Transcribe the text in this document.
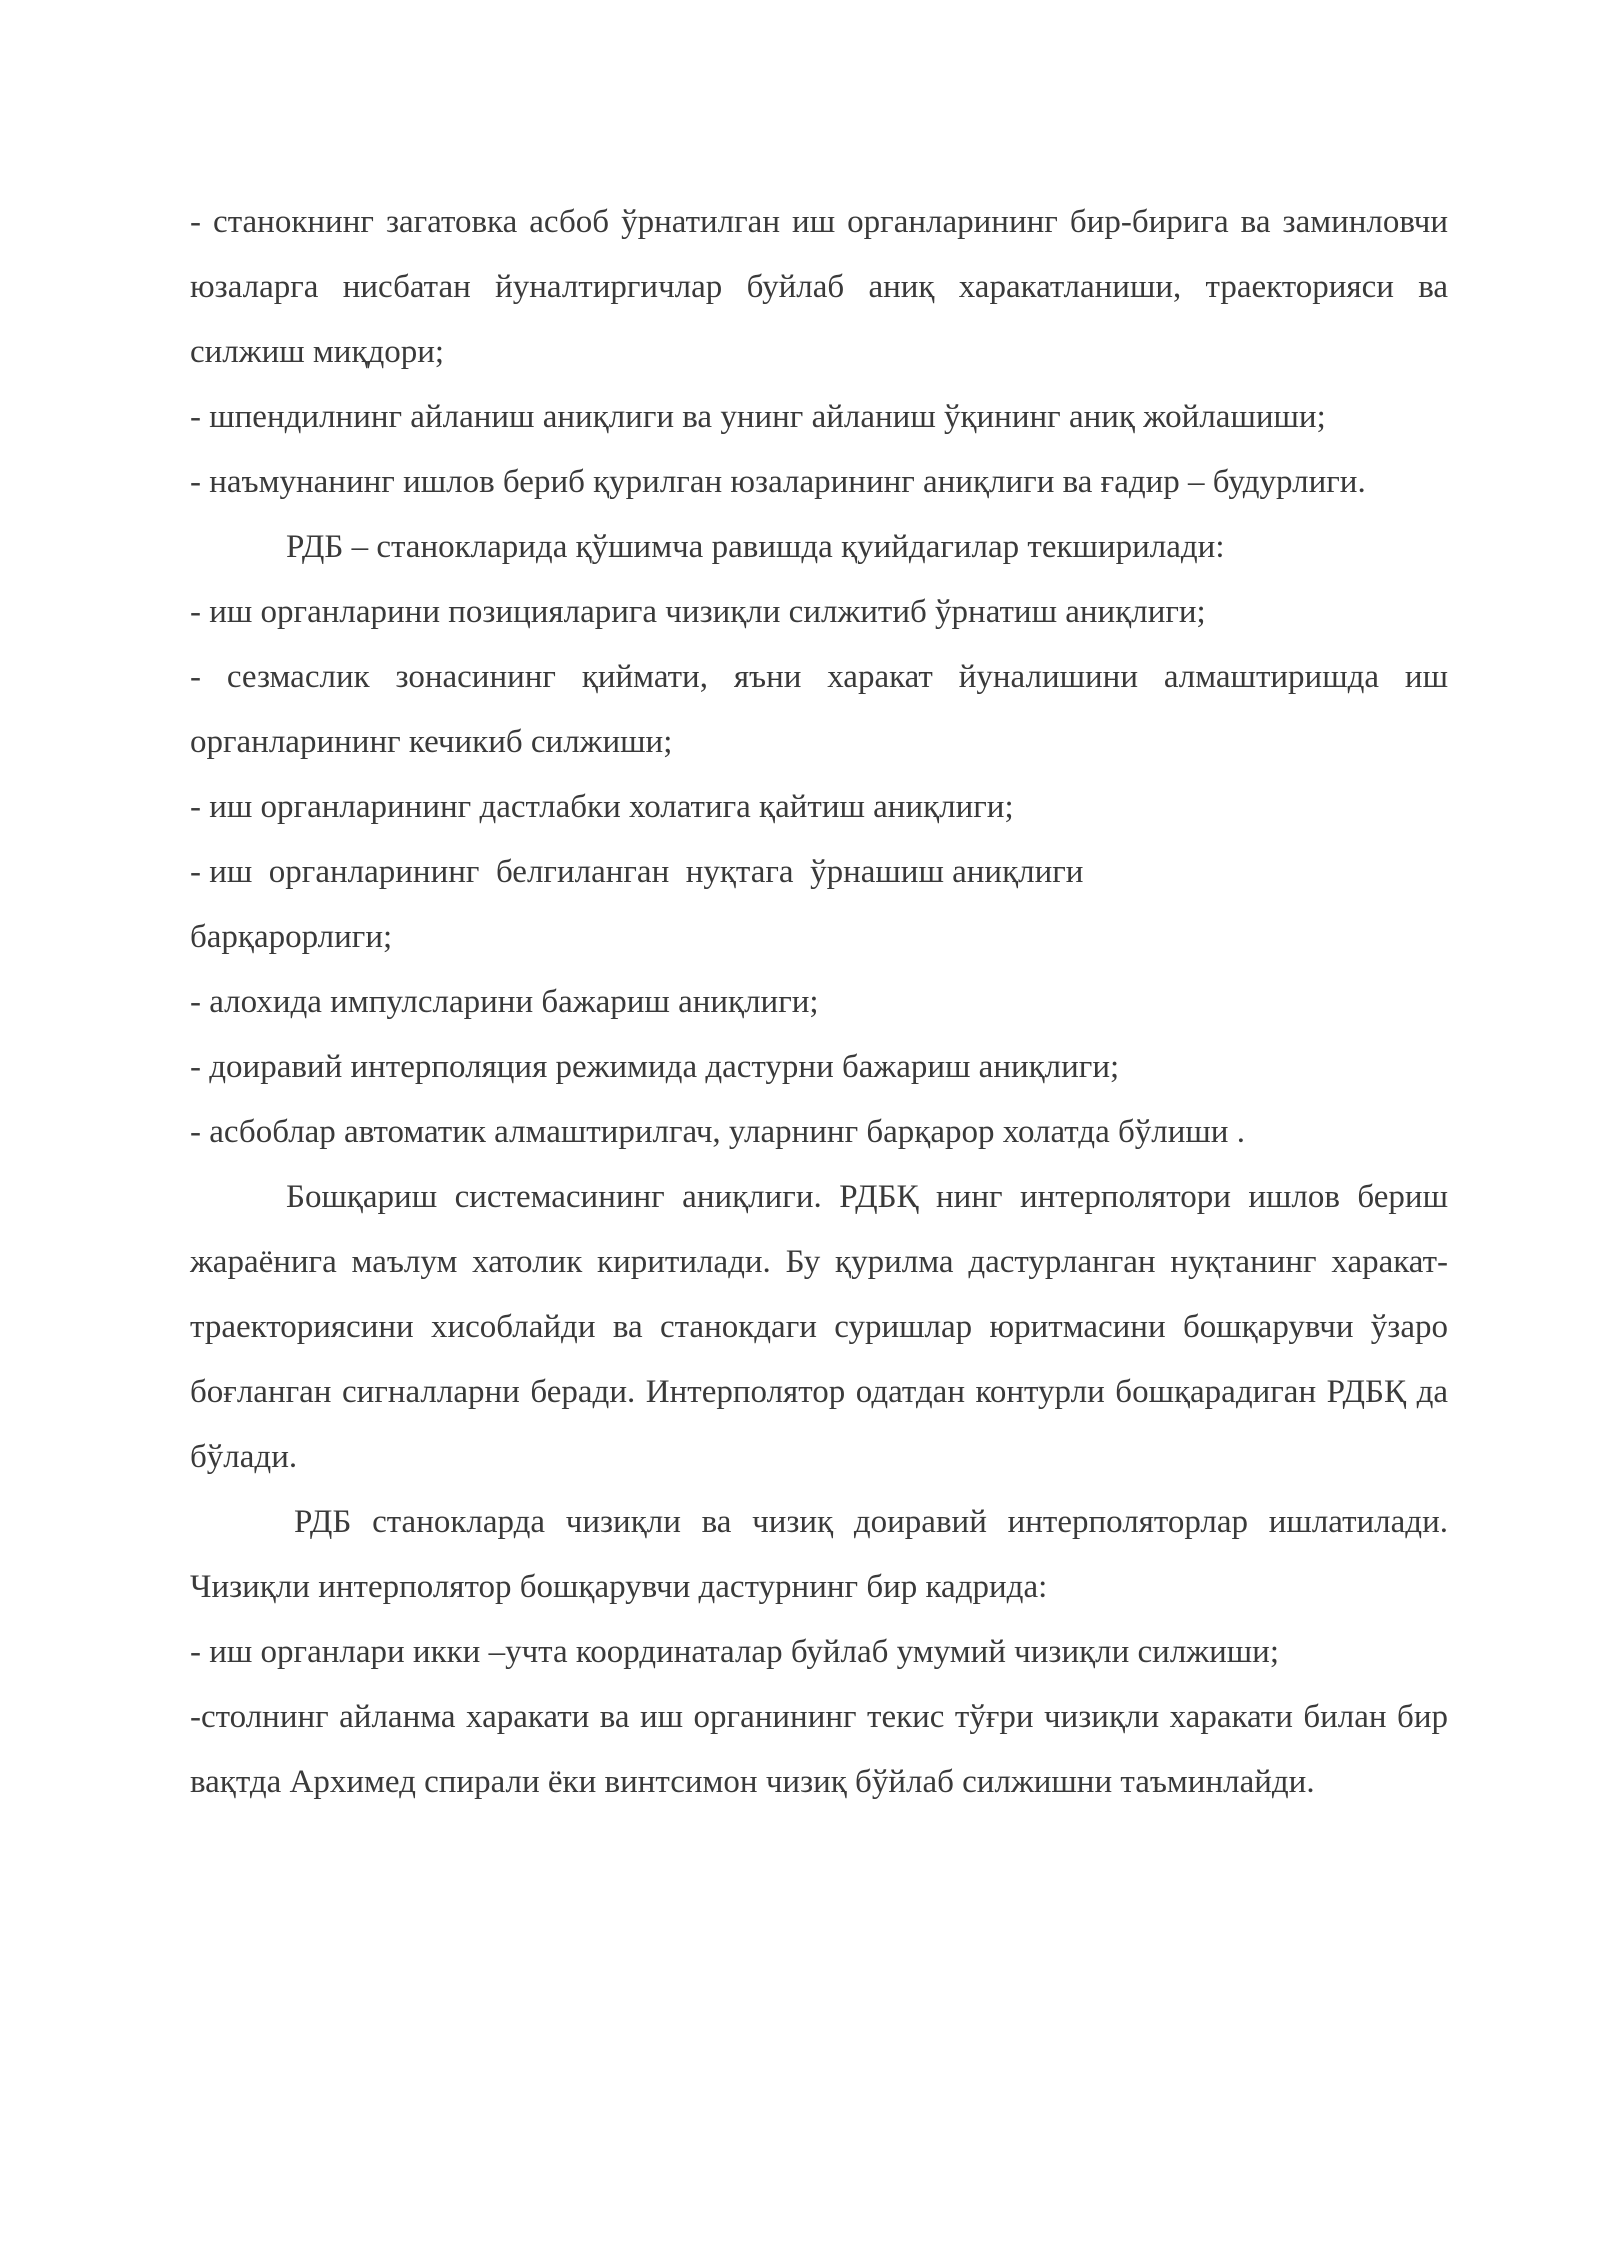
- станокнинг загатовка асбоб ўрнатилган иш органларининг бир-бирига ва заминловчи юзаларга нисбатан йуналтиргичлар буйлаб аниқ харакатланиши, траекторияси ва силжиш миқдори;

- шпендилнинг айланиш аниқлиги ва унинг айланиш ўқининг аниқ жойлашиши;

- наъмунанинг ишлов бериб қурилган юзаларининг аниқлиги ва ғадир – будурлиги.

РДБ – станокларида қўшимча равишда қуийдагилар текширилади:

- иш органларини позицияларига чизиқли силжитиб ўрнатиш аниқлиги;

- сезмаслик зонасининг қиймати, яъни харакат йуналишини алмаштиришда иш органларининг кечикиб силжиши;

- иш органларининг дастлабки холатига қайтиш аниқлиги;

- иш  органларининг  белгиланган  нуқтага  ўрнашиш аниқлиги

барқарорлиги;

- алохида импулсларини бажариш аниқлиги;

- доиравий интерполяция режимида дастурни бажариш аниқлиги;

- асбоблар автоматик алмаштирилгач, уларнинг барқарор холатда бўлиши .

Бошқариш системасининг аниқлиги. РДБҚ нинг интерполятори ишлов бериш жараёнига маълум хатолик киритилади. Бу қурилма дастурланган нуқтанинг харакат-траекториясини хисоблайди ва станокдаги суришлар юритмасини бошқарувчи ўзаро боғланган сигналларни беради. Интерполятор одатдан контурли бошқарадиган РДБҚ да бўлади.

РДБ станокларда чизиқли ва чизиқ доиравий интерполяторлар ишлатилади. Чизиқли интерполятор бошқарувчи дастурнинг бир кадрида:

- иш органлари икки –учта координаталар буйлаб умумий чизиқли силжиши;

-столнинг айланма харакати ва иш органининг текис тўғри чизиқли харакати билан бир вақтда Архимед спирали ёки винтсимон чизиқ бўйлаб силжишни таъминлайди.
